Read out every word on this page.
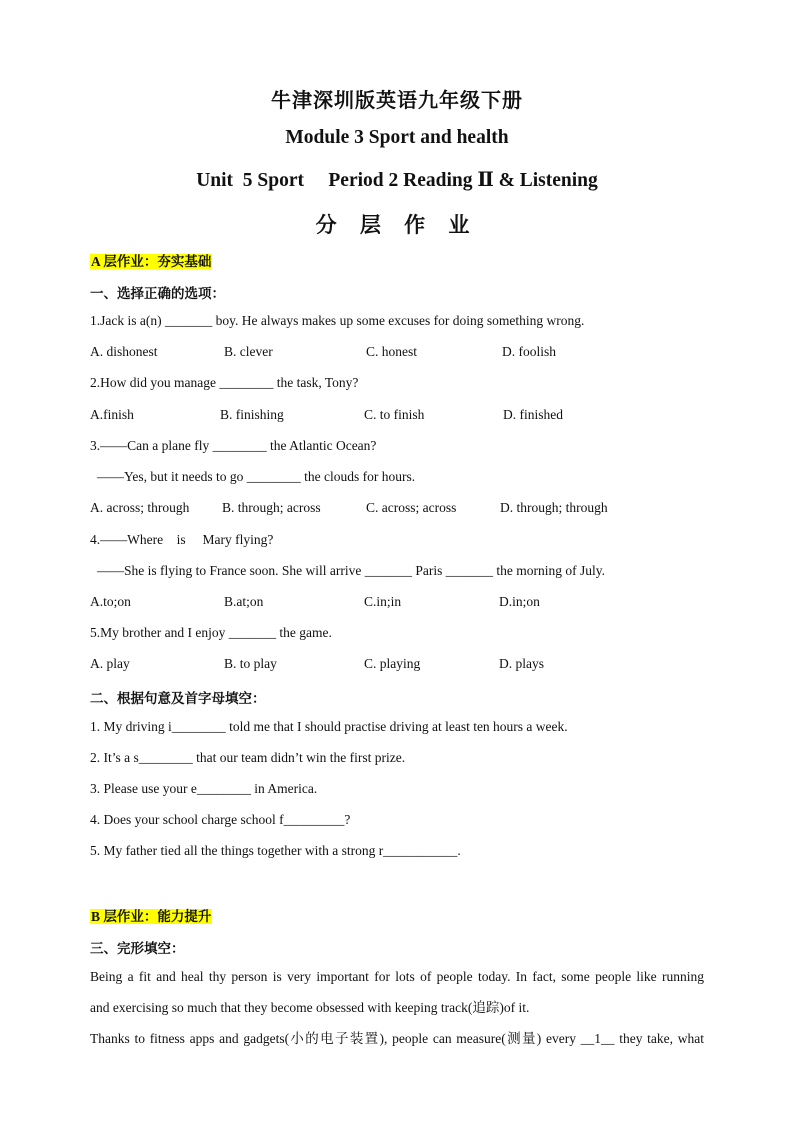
牛津深圳版英语九年级下册
Module 3 Sport and health
Unit  5 Sport     Period 2 Reading Ⅱ & Listening
分 层 作 业
A 层作业：夯实基础
一、选择正确的选项：
1.Jack is a(n) _______ boy. He always makes up some excuses for doing something wrong.
A. dishonest	B. clever	C. honest	D. foolish
2.How did you manage ________ the task, Tony?
A.finish	B. finishing	C. to finish	D. finished
3.——Can a plane fly ________ the Atlantic Ocean?
——Yes, but it needs to go ________ the clouds for hours.
A. across; through B. through; across	C. across; across	D. through; through
4.——Where    is     Mary flying?
——She is flying to France soon. She will arrive _______ Paris _______ the morning of July.
A.to;on	B.at;on	C.in;in	D.in;on
5.My brother and I enjoy _______ the game.
A. play	B. to play	C. playing	D. plays
二、根据句意及首字母填空：
1. My driving i________ told me that I should practise driving at least ten hours a week.
2. It’s a s________ that our team didn’t win the first prize.
3. Please use your e________ in America.
4. Does your school charge school f_________?
5. My father tied all the things together with a strong r___________.
B 层作业：能力提升
三、完形填空：
Being a fit and heal thy person is very important for lots of people today. In fact, some people like running
and exercising so much that they become obsessed with keeping track(追踪)of it.
Thanks to fitness apps and gadgets(小的电子装置), people can measure(测量) every __1__ they take, what
